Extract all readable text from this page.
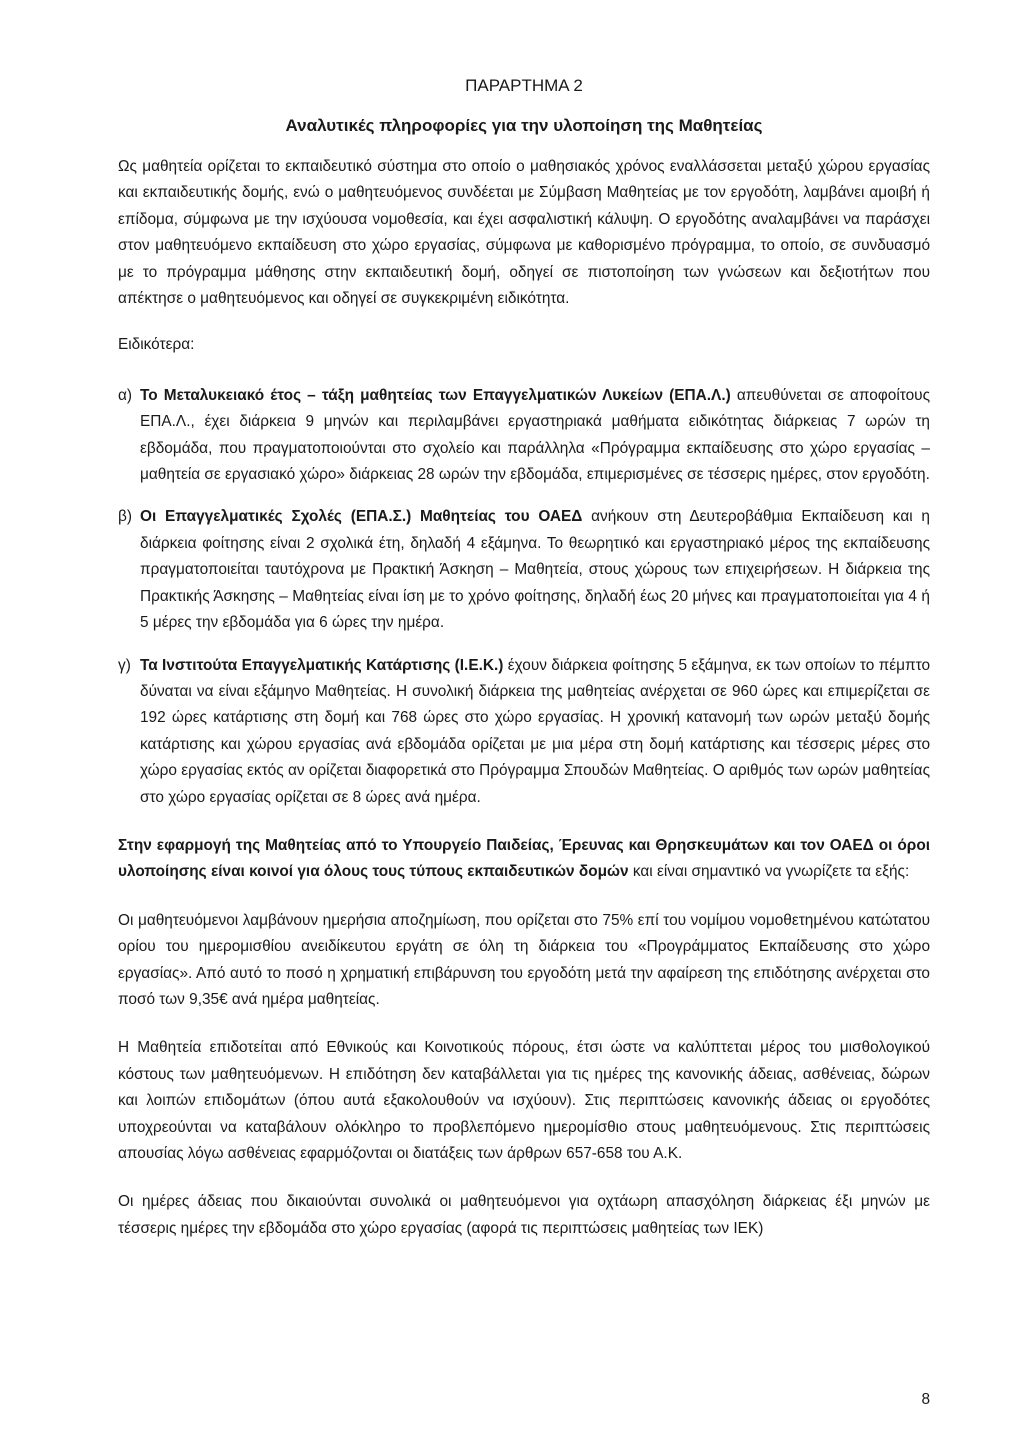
ΠΑΡΑΡΤΗΜΑ 2
Αναλυτικές πληροφορίες για την υλοποίηση της Μαθητείας

Ως μαθητεία ορίζεται το εκπαιδευτικό σύστημα στο οποίο ο μαθησιακός χρόνος εναλλάσσεται μεταξύ χώρου εργασίας και εκπαιδευτικής δομής, ενώ ο μαθητευόμενος συνδέεται με Σύμβαση Μαθητείας με τον εργοδότη, λαμβάνει αμοιβή ή επίδομα, σύμφωνα με την ισχύουσα νομοθεσία, και έχει ασφαλιστική κάλυψη. Ο εργοδότης αναλαμβάνει να παράσχει στον μαθητευόμενο εκπαίδευση στο χώρο εργασίας, σύμφωνα με καθορισμένο πρόγραμμα, το οποίο, σε συνδυασμό με το πρόγραμμα μάθησης στην εκπαιδευτική δομή, οδηγεί σε πιστοποίηση των γνώσεων και δεξιοτήτων που απέκτησε ο μαθητευόμενος και οδηγεί σε συγκεκριμένη ειδικότητα.

Ειδικότερα:

α) Το Μεταλυκειακό έτος – τάξη μαθητείας των Επαγγελματικών Λυκείων (ΕΠΑ.Λ.) απευθύνεται σε αποφοίτους ΕΠΑ.Λ., έχει διάρκεια 9 μηνών και περιλαμβάνει εργαστηριακά μαθήματα ειδικότητας διάρκειας 7 ωρών τη εβδομάδα, που πραγματοποιούνται στο σχολείο και παράλληλα «Πρόγραμμα εκπαίδευσης στο χώρο εργασίας – μαθητεία σε εργασιακό χώρο» διάρκειας 28 ωρών την εβδομάδα, επιμερισμένες σε τέσσερις ημέρες, στον εργοδότη.

β) Οι Επαγγελματικές Σχολές (ΕΠΑ.Σ.) Μαθητείας του ΟΑΕΔ ανήκουν στη Δευτεροβάθμια Εκπαίδευση και η διάρκεια φοίτησης είναι 2 σχολικά έτη, δηλαδή 4 εξάμηνα. Το θεωρητικό και εργαστηριακό μέρος της εκπαίδευσης πραγματοποιείται ταυτόχρονα με Πρακτική Άσκηση – Μαθητεία, στους χώρους των επιχειρήσεων. Η διάρκεια της Πρακτικής Άσκησης – Μαθητείας είναι ίση με το χρόνο φοίτησης, δηλαδή έως 20 μήνες και πραγματοποιείται για 4 ή 5 μέρες την εβδομάδα για 6 ώρες την ημέρα.

γ) Τα Ινστιτούτα Επαγγελματικής Κατάρτισης (Ι.Ε.Κ.) έχουν διάρκεια φοίτησης 5 εξάμηνα, εκ των οποίων το πέμπτο δύναται να είναι εξάμηνο Μαθητείας. Η συνολική διάρκεια της μαθητείας ανέρχεται σε 960 ώρες και επιμερίζεται σε 192 ώρες κατάρτισης στη δομή και 768 ώρες στο χώρο εργασίας. Η χρονική κατανομή των ωρών μεταξύ δομής κατάρτισης και χώρου εργασίας ανά εβδομάδα ορίζεται με μια μέρα στη δομή κατάρτισης και τέσσερις μέρες στο χώρο εργασίας εκτός αν ορίζεται διαφορετικά στο Πρόγραμμα Σπουδών Μαθητείας. Ο αριθμός των ωρών μαθητείας στο χώρο εργασίας ορίζεται σε 8 ώρες ανά ημέρα.

Στην εφαρμογή της Μαθητείας από το Υπουργείο Παιδείας, Έρευνας και Θρησκευμάτων και τον ΟΑΕΔ οι όροι υλοποίησης είναι κοινοί για όλους τους τύπους εκπαιδευτικών δομών και είναι σημαντικό να γνωρίζετε τα εξής:

Οι μαθητευόμενοι λαμβάνουν ημερήσια αποζημίωση, που ορίζεται στο 75% επί του νομίμου νομοθετημένου κατώτατου ορίου του ημερομισθίου ανειδίκευτου εργάτη σε όλη τη διάρκεια του «Προγράμματος Εκπαίδευσης στο χώρο εργασίας». Από αυτό το ποσό η χρηματική επιβάρυνση του εργοδότη μετά την αφαίρεση της επιδότησης ανέρχεται στο ποσό των 9,35€ ανά ημέρα μαθητείας.

Η Μαθητεία επιδοτείται από Εθνικούς και Κοινοτικούς πόρους, έτσι ώστε να καλύπτεται μέρος του μισθολογικού κόστους των μαθητευόμενων. Η επιδότηση δεν καταβάλλεται για τις ημέρες της κανονικής άδειας, ασθένειας, δώρων και λοιπών επιδομάτων (όπου αυτά εξακολουθούν να ισχύουν). Στις περιπτώσεις κανονικής άδειας οι εργοδότες υποχρεούνται να καταβάλουν ολόκληρο το προβλεπόμενο ημερομίσθιο στους μαθητευόμενους. Στις περιπτώσεις απουσίας λόγω ασθένειας εφαρμόζονται οι διατάξεις των άρθρων 657-658 του Α.Κ.

Οι ημέρες άδειας που δικαιούνται συνολικά οι μαθητευόμενοι για οχτάωρη απασχόληση διάρκειας έξι μηνών με τέσσερις ημέρες την εβδομάδα στο χώρο εργασίας (αφορά τις περιπτώσεις μαθητείας των ΙΕΚ)

8
